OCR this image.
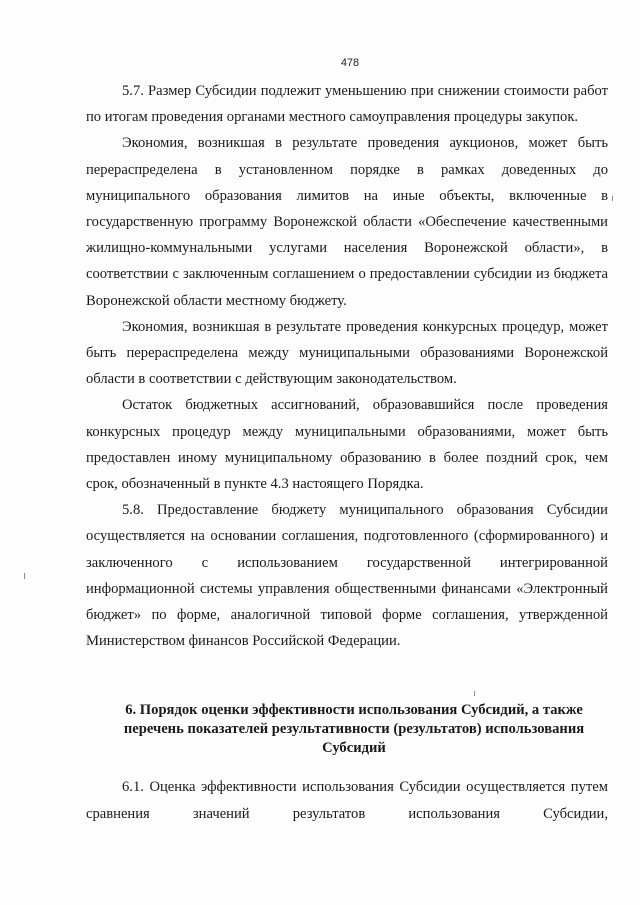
478

5.7. Размер Субсидии подлежит уменьшению при снижении стоимости работ по итогам проведения органами местного самоуправления процедуры закупок.

Экономия, возникшая в результате проведения аукционов, может быть перераспределена в установленном порядке в рамках доведенных до муниципального образования лимитов на иные объекты, включенные в государственную программу Воронежской области «Обеспечение качественными жилищно-коммунальными услугами населения Воронежской области», в соответствии с заключенным соглашением о предоставлении субсидии из бюджета Воронежской области местному бюджету.

Экономия, возникшая в результате проведения конкурсных процедур, может быть перераспределена между муниципальными образованиями Воронежской области в соответствии с действующим законодательством.

Остаток бюджетных ассигнований, образовавшийся после проведения конкурсных процедур между муниципальными образованиями, может быть предоставлен иному муниципальному образованию в более поздний срок, чем срок, обозначенный в пункте 4.3 настоящего Порядка.

5.8. Предоставление бюджету муниципального образования Субсидии осуществляется на основании соглашения, подготовленного (сформированного) и заключенного с использованием государственной интегрированной информационной системы управления общественными финансами «Электронный бюджет» по форме, аналогичной типовой форме соглашения, утвержденной Министерством финансов Российской Федерации.

6. Порядок оценки эффективности использования Субсидий, а также перечень показателей результативности (результатов) использования Субсидий

6.1. Оценка эффективности использования Субсидии осуществляется путем сравнения значений результатов использования Субсидии,
